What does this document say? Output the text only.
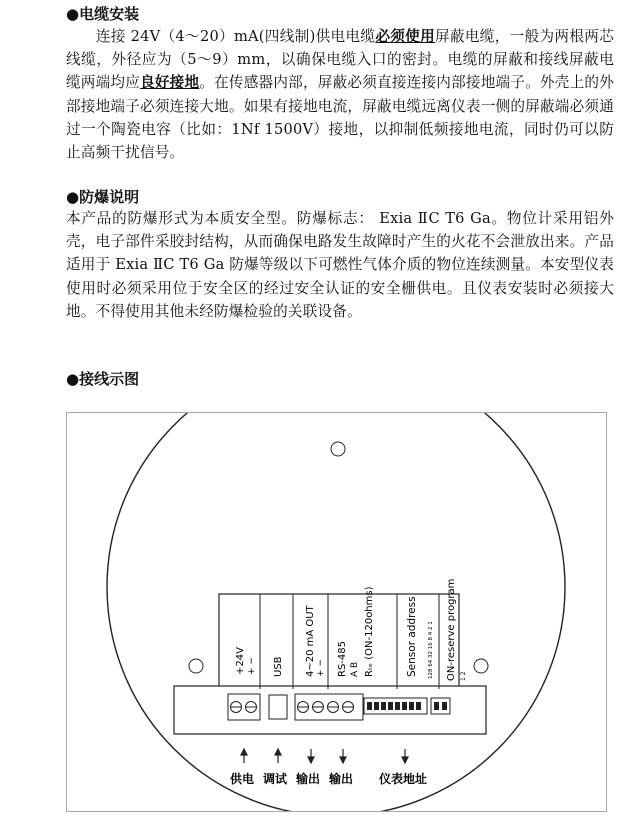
●电缆安装
　　连接 24V（4～20）mA(四线制)供电电缆必须使用屏蔽电缆，一般为两根两芯线缆，外径应为（5～9）mm，以确保电缆入口的密封。电缆的屏蔽和接线屏蔽电缆两端均应良好接地。在传感器内部，屏蔽必须直接连接内部接地端子。外壳上的外部接地端子必须连接大地。如果有接地电流，屏蔽电缆远离仪表一侧的屏蔽端必须通过一个陶瓷电容（比如：1Nf 1500V）接地，以抑制低频接地电流，同时仍可以防止高频干扰信号。
●防爆说明
本产品的防爆形式为本质安全型。防爆标志： Exia ⅡC T6 Ga。物位计采用铝外壳，电子部件采胶封结构，从而确保电路发生故障时产生的火花不会泄放出来。产品适用于 Exia ⅡC T6 Ga 防爆等级以下可燃性气体介质的物位连续测量。本安型仪表使用时必须采用位于安全区的经过安全认证的安全栅供电。且仪表安装时必须接大地。不得使用其他未经防爆检验的关联设备。
●接线示图
+24V + − USB 4~20 mA OUT + − RS-485 A B Rₜₑ (ON-120ohms)	Sensor address 128 64 32 16 8 4 2 1 ON-reserve program 1 2
供电 调试 输出 输出 仪表地址
